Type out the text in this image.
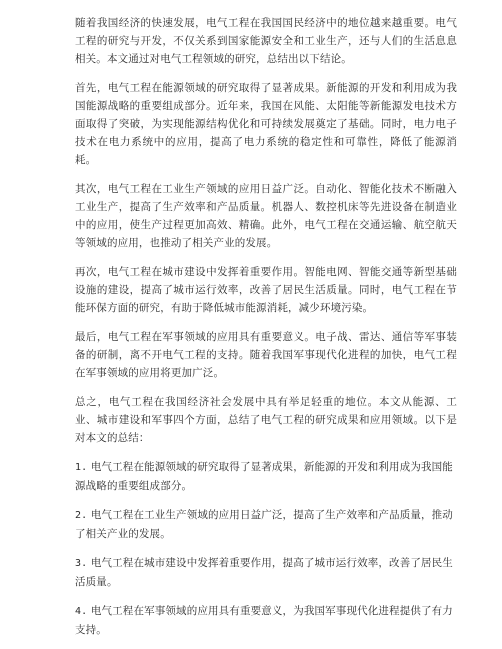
随着我国经济的快速发展，电气工程在我国国民经济中的地位越来越重要。电气工程的研究与开发，不仅关系到国家能源安全和工业生产，还与人们的生活息息相关。本文通过对电气工程领域的研究，总结出以下结论。

首先，电气工程在能源领域的研究取得了显著成果。新能源的开发和利用成为我国能源战略的重要组成部分。近年来，我国在风能、太阳能等新能源发电技术方面取得了突破，为实现能源结构优化和可持续发展奠定了基础。同时，电力电子技术在电力系统中的应用，提高了电力系统的稳定性和可靠性，降低了能源消耗。

其次，电气工程在工业生产领域的应用日益广泛。自动化、智能化技术不断融入工业生产，提高了生产效率和产品质量。机器人、数控机床等先进设备在制造业中的应用，使生产过程更加高效、精确。此外，电气工程在交通运输、航空航天等领域的应用，也推动了相关产业的发展。

再次，电气工程在城市建设中发挥着重要作用。智能电网、智能交通等新型基础设施的建设，提高了城市运行效率，改善了居民生活质量。同时，电气工程在节能环保方面的研究，有助于降低城市能源消耗，减少环境污染。

最后，电气工程在军事领域的应用具有重要意义。电子战、雷达、通信等军事装备的研制，离不开电气工程的支持。随着我国军事现代化进程的加快，电气工程在军事领域的应用将更加广泛。

总之，电气工程在我国经济社会发展中具有举足轻重的地位。本文从能源、工业、城市建设和军事四个方面，总结了电气工程的研究成果和应用领域。以下是对本文的总结：

1. 电气工程在能源领域的研究取得了显著成果，新能源的开发和利用成为我国能源战略的重要组成部分。

2. 电气工程在工业生产领域的应用日益广泛，提高了生产效率和产品质量，推动了相关产业的发展。

3. 电气工程在城市建设中发挥着重要作用，提高了城市运行效率，改善了居民生活质量。

4. 电气工程在军事领域的应用具有重要意义，为我国军事现代化进程提供了有力支持。
